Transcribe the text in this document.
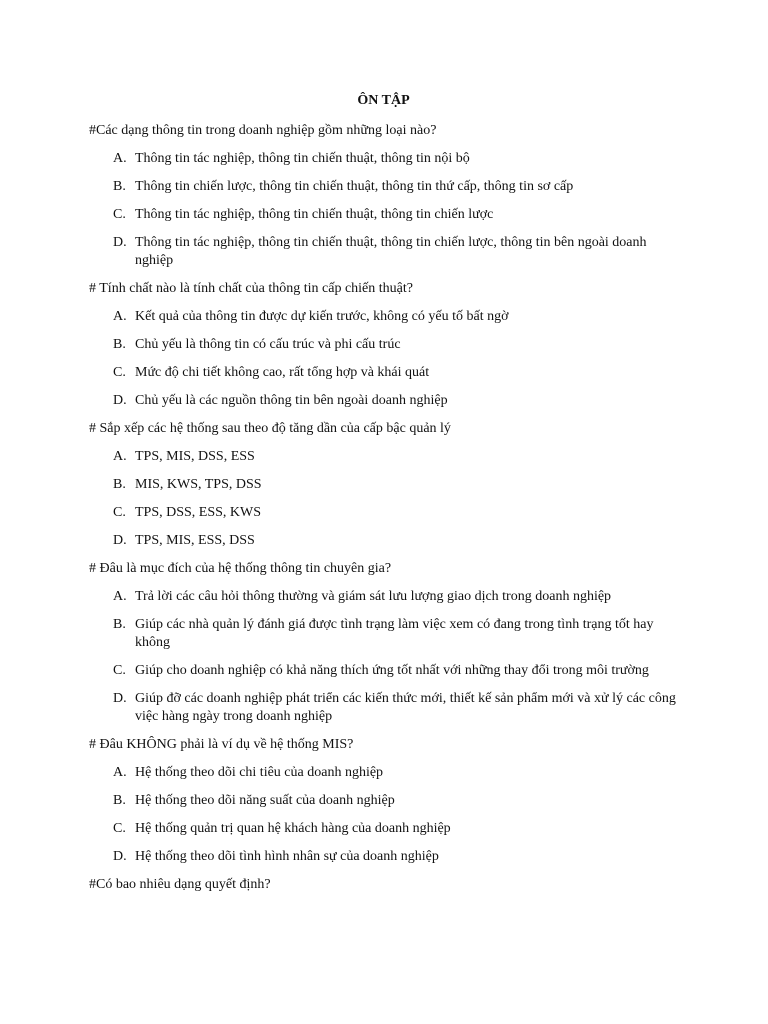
ÔN TẬP
#Các dạng thông tin trong doanh nghiệp gồm những loại nào?
A. Thông tin tác nghiệp, thông tin chiến thuật, thông tin nội bộ
B. Thông tin chiến lược, thông tin chiến thuật, thông tin thứ cấp, thông tin sơ cấp
C. Thông tin tác nghiệp, thông tin chiến thuật, thông tin chiến lược
D. Thông tin tác nghiệp, thông tin chiến thuật, thông tin chiến lược, thông tin bên ngoài doanh nghiệp
# Tính chất nào là tính chất của thông tin cấp chiến thuật?
A. Kết quả của thông tin được dự kiến trước, không có yếu tố bất ngờ
B. Chủ yếu là thông tin có cấu trúc và phi cấu trúc
C. Mức độ chi tiết không cao, rất tổng hợp và khái quát
D. Chủ yếu là các nguồn thông tin bên ngoài doanh nghiệp
# Sắp xếp các hệ thống sau theo độ tăng dần của cấp bậc quản lý
A. TPS, MIS, DSS, ESS
B. MIS, KWS, TPS, DSS
C. TPS, DSS, ESS, KWS
D. TPS, MIS, ESS, DSS
# Đâu là mục đích của hệ thống thông tin chuyên gia?
A. Trả lời các câu hỏi thông thường và giám sát lưu lượng giao dịch trong doanh nghiệp
B. Giúp các nhà quản lý đánh giá được tình trạng làm việc xem có đang trong tình trạng tốt hay không
C. Giúp cho doanh nghiệp có khả năng thích ứng tốt nhất với những thay đổi trong môi trường
D. Giúp đỡ các doanh nghiệp phát triển các kiến thức mới, thiết kế sản phẩm mới và xử lý các công việc hàng ngày trong doanh nghiệp
# Đâu KHÔNG phải là ví dụ về hệ thống MIS?
A. Hệ thống theo dõi chi tiêu của doanh nghiệp
B. Hệ thống theo dõi năng suất của doanh nghiệp
C. Hệ thống quản trị quan hệ khách hàng của doanh nghiệp
D. Hệ thống theo dõi tình hình nhân sự của doanh nghiệp
#Có bao nhiêu dạng quyết định?
